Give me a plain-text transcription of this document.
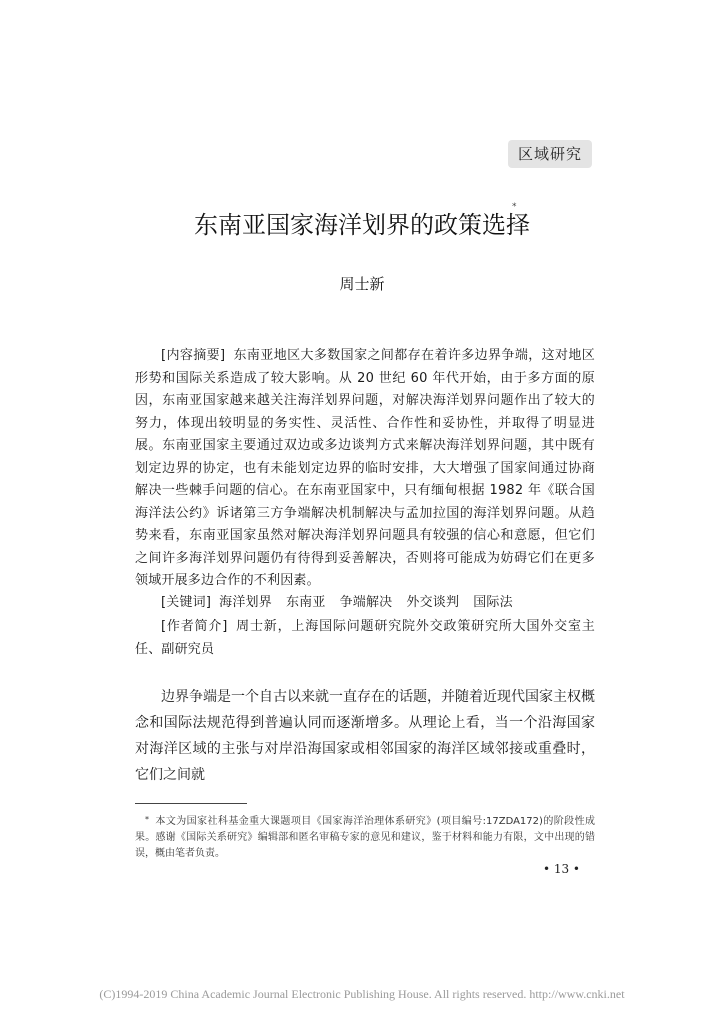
区域研究
东南亚国家海洋划界的政策选择
*
周士新

[内容摘要] 东南亚地区大多数国家之间都存在着许多边界争端，这对地区形势和国际关系造成了较大影响。从 20 世纪 60 年代开始，由于多方面的原因，东南亚国家越来越关注海洋划界问题，对解决海洋划界问题作出了较大的努力，体现出较明显的务实性、灵活性、合作性和妥协性，并取得了明显进展。东南亚国家主要通过双边或多边谈判方式来解决海洋划界问题，其中既有划定边界的协定，也有未能划定边界的临时安排，大大增强了国家间通过协商解决一些棘手问题的信心。在东南亚国家中，只有缅甸根据 1982 年《联合国海洋法公约》诉诸第三方争端解决机制解决与孟加拉国的海洋划界问题。从趋势来看，东南亚国家虽然对解决海洋划界问题具有较强的信心和意愿，但它们之间许多海洋划界问题仍有待得到妥善解决，否则将可能成为妨碍它们在更多领域开展多边合作的不利因素。

[关键词] 海洋划界 东南亚 争端解决 外交谈判 国际法

[作者简介] 周士新，上海国际问题研究院外交政策研究所大国外交室主任、副研究员

边界争端是一个自古以来就一直存在的话题，并随着近现代国家主权概念和国际法规范得到普遍认同而逐渐增多。从理论上看，当一个沿海国家对海洋区域的主张与对岸沿海国家或相邻国家的海洋区域邻接或重叠时，它们之间就

* 本文为国家社科基金重大课题项目《国家海洋治理体系研究》(项目编号:17ZDA172)的阶段性成果。感谢《国际关系研究》编辑部和匿名审稿专家的意见和建议，鉴于材料和能力有限，文中出现的错误，概由笔者负责。

• 13 •
(C)1994-2019 China Academic Journal Electronic Publishing House. All rights reserved. http://www.cnki.net
